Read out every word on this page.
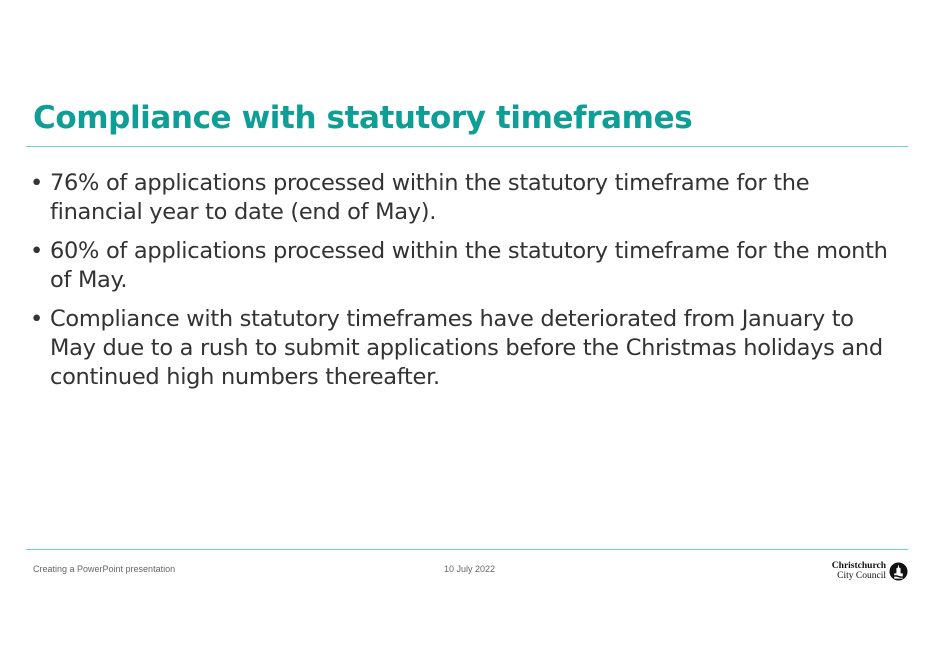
Compliance with statutory timeframes
• 76% of applications processed within the statutory timeframe for the financial year to date (end of May).
• 60% of applications processed within the statutory timeframe for the month of May.
• Compliance with statutory timeframes have deteriorated from January to May due to a rush to submit applications before the Christmas holidays and continued high numbers thereafter.
Creating a PowerPoint presentation	10 July 2022	Christchurch
City Council
